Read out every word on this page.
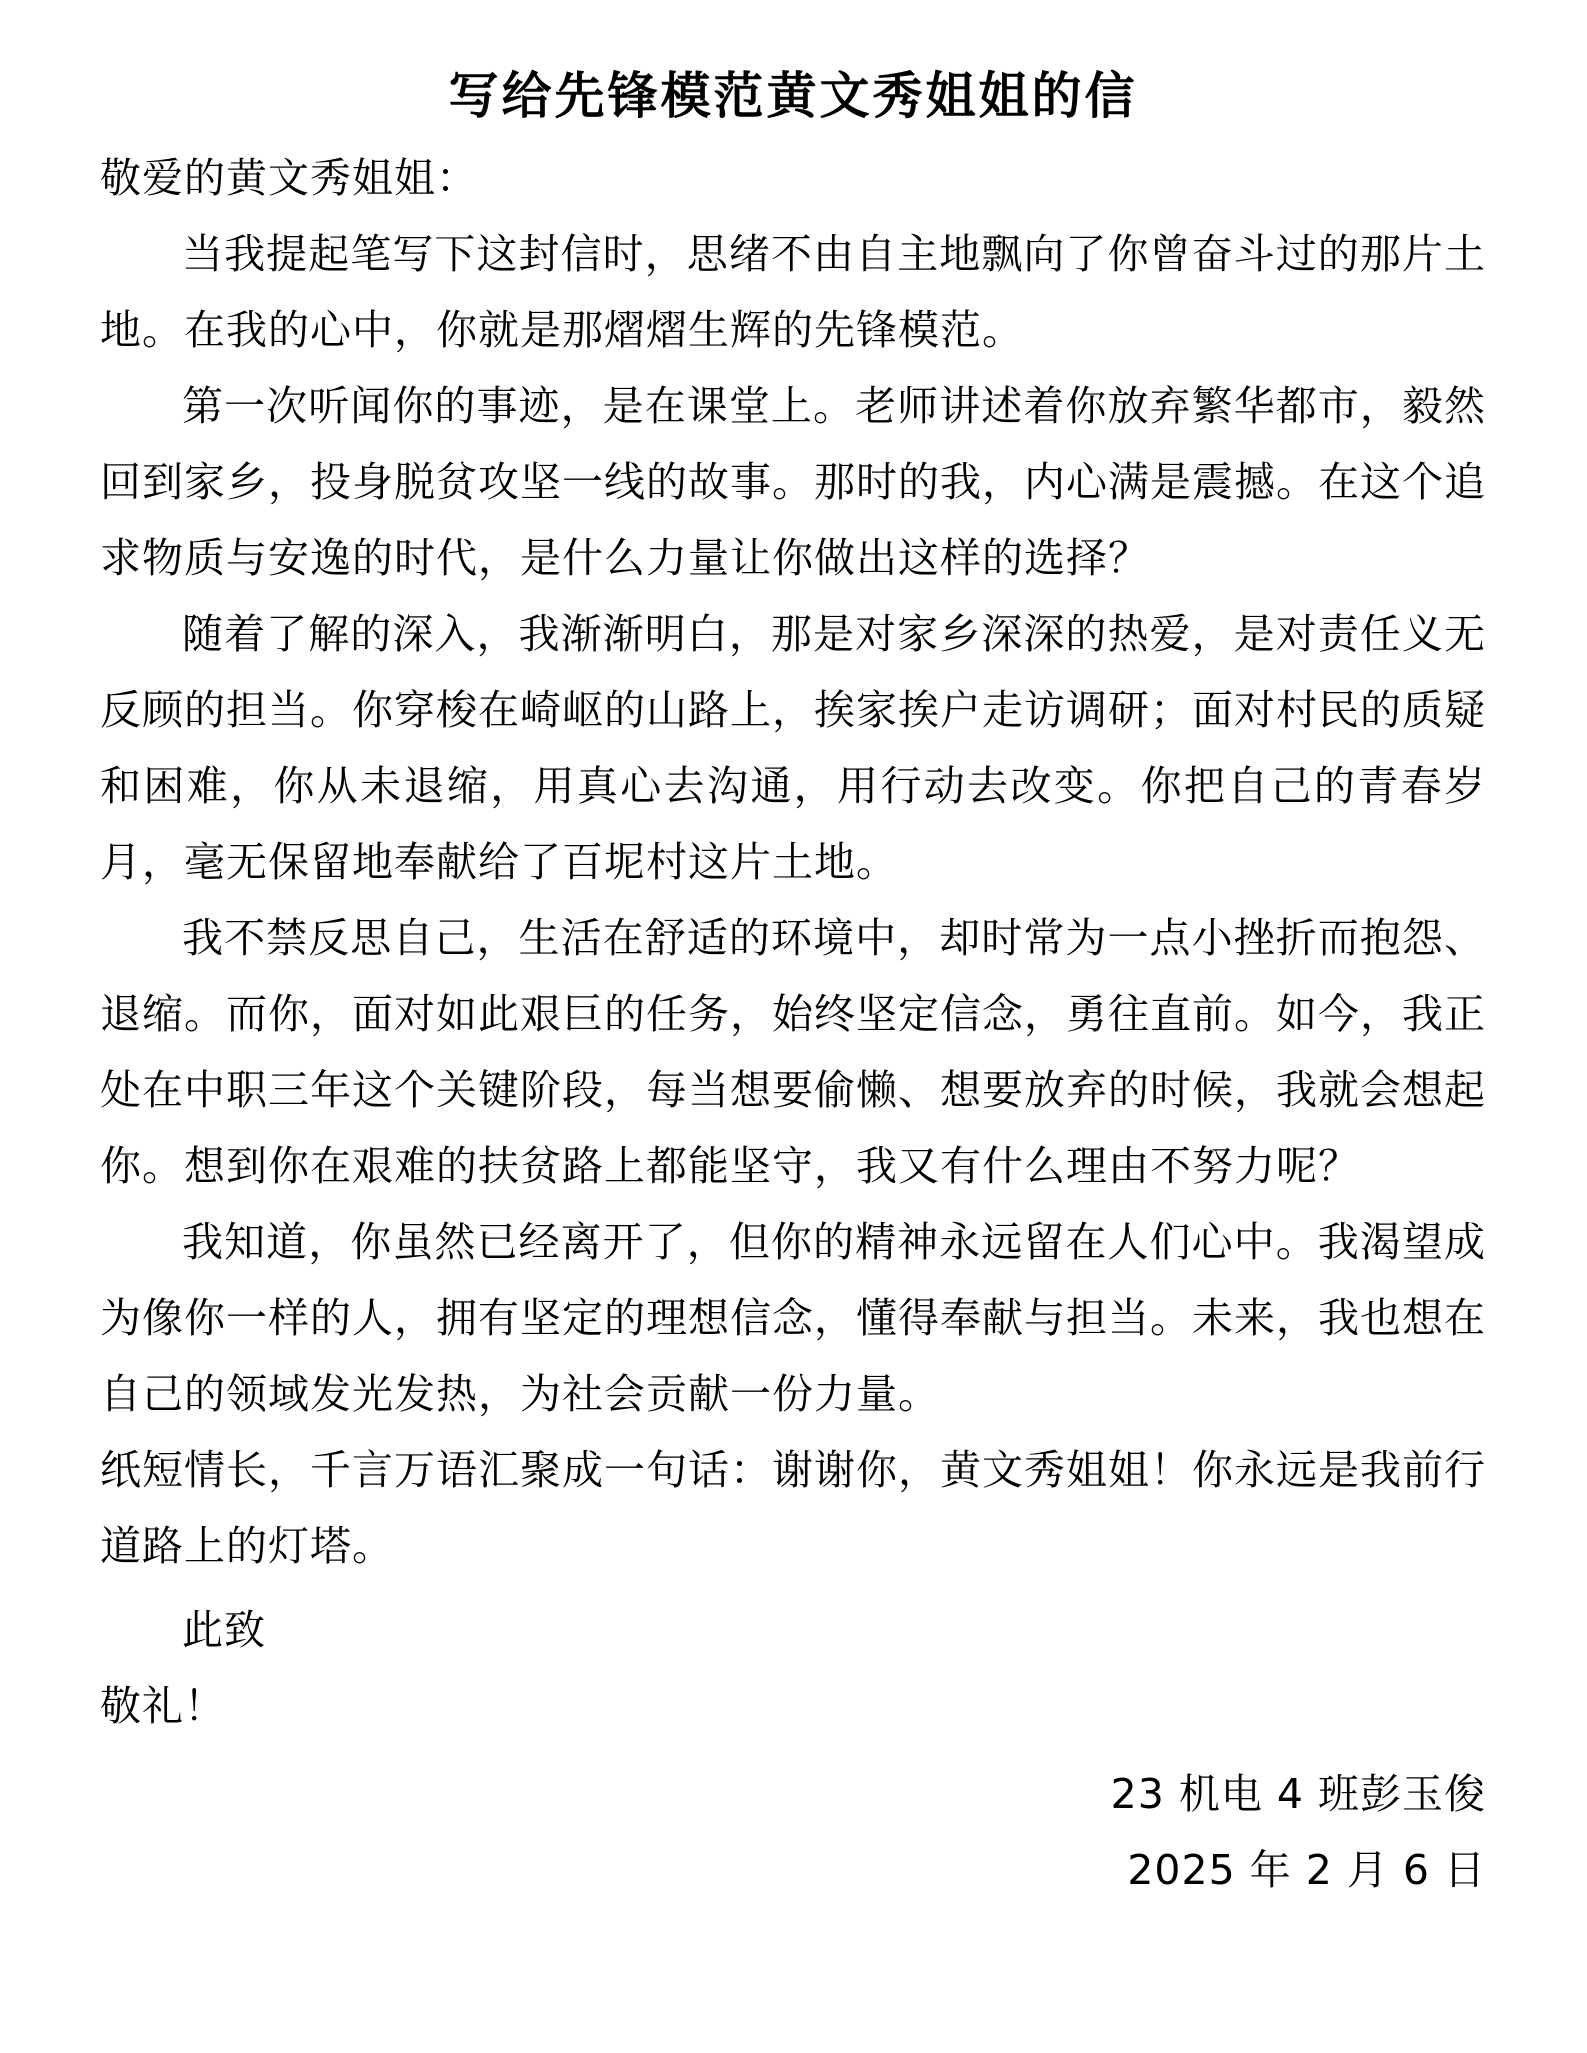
写给先锋模范黄文秀姐姐的信

敬爱的黄文秀姐姐：

当我提起笔写下这封信时，思绪不由自主地飘向了你曾奋斗过的那片土地。在我的心中，你就是那熠熠生辉的先锋模范。

第一次听闻你的事迹，是在课堂上。老师讲述着你放弃繁华都市，毅然回到家乡，投身脱贫攻坚一线的故事。那时的我，内心满是震撼。在这个追求物质与安逸的时代，是什么力量让你做出这样的选择？

随着了解的深入，我渐渐明白，那是对家乡深深的热爱，是对责任义无反顾的担当。你穿梭在崎岖的山路上，挨家挨户走访调研；面对村民的质疑和困难，你从未退缩，用真心去沟通，用行动去改变。你把自己的青春岁月，毫无保留地奉献给了百坭村这片土地。

我不禁反思自己，生活在舒适的环境中，却时常为一点小挫折而抱怨、退缩。而你，面对如此艰巨的任务，始终坚定信念，勇往直前。如今，我正处在中职三年这个关键阶段，每当想要偷懒、想要放弃的时候，我就会想起你。想到你在艰难的扶贫路上都能坚守，我又有什么理由不努力呢？

我知道，你虽然已经离开了，但你的精神永远留在人们心中。我渴望成为像你一样的人，拥有坚定的理想信念，懂得奉献与担当。未来，我也想在自己的领域发光发热，为社会贡献一份力量。

纸短情长，千言万语汇聚成一句话：谢谢你，黄文秀姐姐！你永远是我前行道路上的灯塔。

此致

敬礼！

23 机电 4 班彭玉俊
2025 年 2 月 6 日
